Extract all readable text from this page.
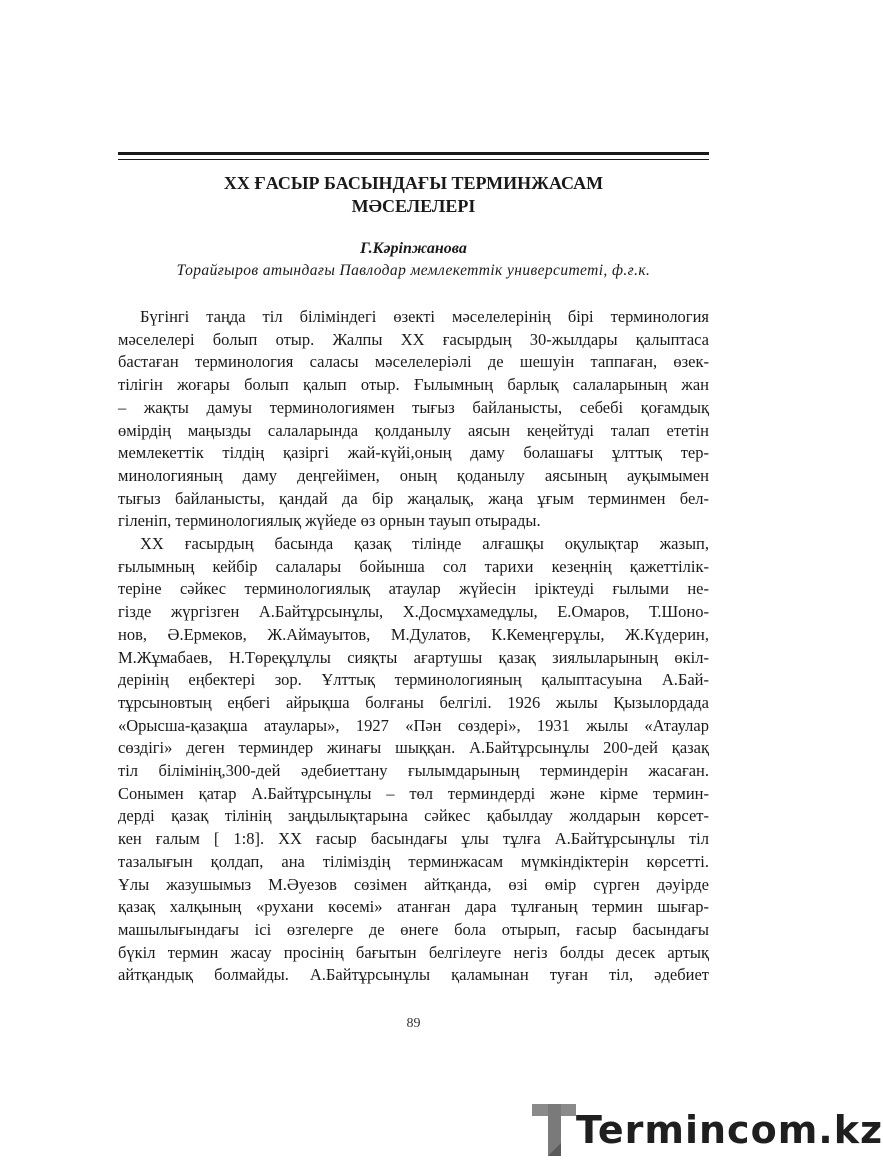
ХХ ҒАСЫР БАСЫНДАҒЫ ТЕРМИНЖАСАМ
МӘСЕЛЕЛЕРІ
Г.Кәріпжанова
Торайғыров атындағы Павлодар мемлекеттік университеті, ф.ғ.к.

Бүгінгі таңда тіл біліміндегі өзекті мәселелерінің бірі терминология
мәселелері болып отыр. Жалпы ХХ ғасырдың 30-жылдары қалыптаса
бастаған терминология саласы мәселелеріәлі де шешуін таппаған, өзек-
тілігін жоғары болып қалып отыр. Ғылымның барлық салаларының жан
– жақты дамуы терминологиямен тығыз байланысты, себебі қоғамдық
өмірдің маңызды салаларында қолданылу аясын кеңейтуді талап ететін
мемлекеттік тілдің қазіргі жай-күйі,оның даму болашағы ұлттық тер-
минологияның даму деңгейімен, оның қоданылу аясының ауқымымен
тығыз байланысты, қандай да бір жаңалық, жаңа ұғым терминмен бел-
гіленіп, терминологиялық жүйеде өз орнын тауып отырады.

ХХ ғасырдың басында қазақ тілінде алғашқы оқулықтар жазып,
ғылымның кейбір салалары бойынша сол тарихи кезеңнің қажеттілік-
теріне сәйкес терминологиялық атаулар жүйесін іріктеуді ғылыми не-
гізде жүргізген А.Байтұрсынұлы, Х.Досмұхамедұлы, Е.Омаров, Т.Шоно-
нов, Ә.Ермеков, Ж.Аймауытов, М.Дулатов, К.Кемеңгерұлы, Ж.Күдерин,
М.Жұмабаев, Н.Төреқұлұлы сияқты ағартушы қазақ зиялыларының өкіл-
дерінің еңбектері зор. Ұлттық терминологияның қалыптасуына А.Бай-
тұрсыновтың еңбегі айрықша болғаны белгілі. 1926 жылы Қызылордада
«Орысша-қазақша атаулары», 1927 «Пән сөздері», 1931 жылы «Атаулар
сөздігі» деген терминдер жинағы шыққан. А.Байтұрсынұлы 200-дей қазақ
тіл білімінің,300-дей әдебиеттану ғылымдарының терминдерін жасаған.
Сонымен қатар А.Байтұрсынұлы – төл терминдерді және кірме термин-
дерді қазақ тілінің заңдылықтарына сәйкес қабылдау жолдарын көрсет-
кен ғалым [ 1:8]. ХХ ғасыр басындағы ұлы тұлға А.Байтұрсынұлы тіл
тазалығын қолдап, ана тіліміздің терминжасам мүмкіндіктерін көрсетті.
Ұлы жазушымыз М.Әуезов сөзімен айтқанда, өзі өмір сүрген дәуірде
қазақ халқының «рухани көсемі» атанған дара тұлғаның термин шығар-
машылығындағы ісі өзгелерге де өнеге бола отырып, ғасыр басындағы
бүкіл термин жасау просінің бағытын белгілеуге негіз болды десек артық
айтқандық болмайды. А.Байтұрсынұлы қаламынан туған тіл, әдебиет

89
Termincom.kz
